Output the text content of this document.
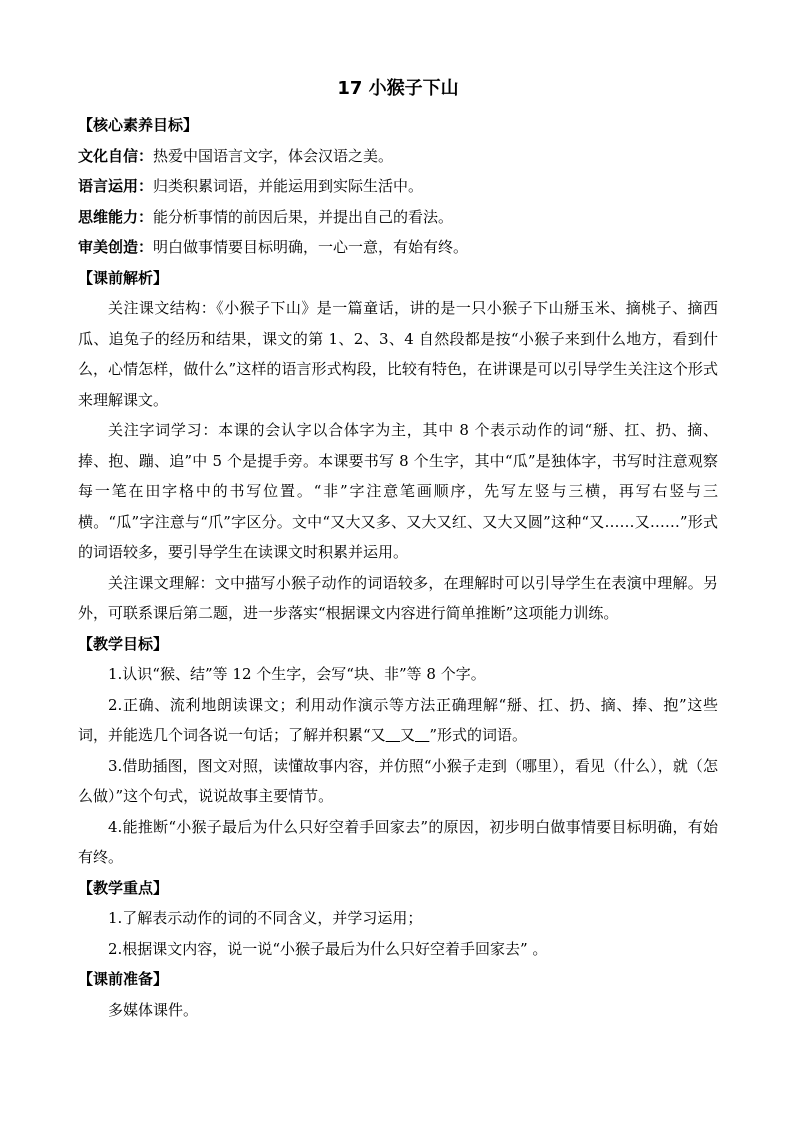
17 小猴子下山

【核心素养目标】

文化自信：热爱中国语言文字，体会汉语之美。

语言运用：归类积累词语，并能运用到实际生活中。

思维能力：能分析事情的前因后果，并提出自己的看法。

审美创造：明白做事情要目标明确，一心一意，有始有终。

【课前解析】

关注课文结构：《小猴子下山》是一篇童话，讲的是一只小猴子下山掰玉米、摘桃子、摘西瓜、追兔子的经历和结果，课文的第 1、2、3、4 自然段都是按“小猴子来到什么地方，看到什么，心情怎样，做什么”这样的语言形式构段，比较有特色，在讲课是可以引导学生关注这个形式来理解课文。

关注字词学习：本课的会认字以合体字为主，其中 8 个表示动作的词“掰、扛、扔、摘、捧、抱、蹦、追”中 5 个是提手旁。本课要书写 8 个生字，其中“瓜”是独体字，书写时注意观察每一笔在田字格中的书写位置。“非”字注意笔画顺序，先写左竖与三横，再写右竖与三横。“瓜”字注意与“爪”字区分。文中“又大又多、又大又红、又大又圆”这种“又……又……”形式的词语较多，要引导学生在读课文时积累并运用。

关注课文理解：文中描写小猴子动作的词语较多，在理解时可以引导学生在表演中理解。另外，可联系课后第二题，进一步落实“根据课文内容进行简单推断”这项能力训练。

【教学目标】

1.认识“猴、结”等 12 个生字，会写“块、非”等 8 个字。

2.正确、流利地朗读课文；利用动作演示等方法正确理解“掰、扛、扔、摘、捧、抱”这些词，并能选几个词各说一句话；了解并积累“又 又 ”形式的词语。

3.借助插图，图文对照，读懂故事内容，并仿照“小猴子走到（哪里），看见（什么），就（怎么做）”这个句式，说说故事主要情节。

4.能推断“小猴子最后为什么只好空着手回家去”的原因，初步明白做事情要目标明确，有始有终。

【教学重点】

1.了解表示动作的词的不同含义，并学习运用；

2.根据课文内容，说一说“小猴子最后为什么只好空着手回家去” 。

【课前准备】

多媒体课件。
